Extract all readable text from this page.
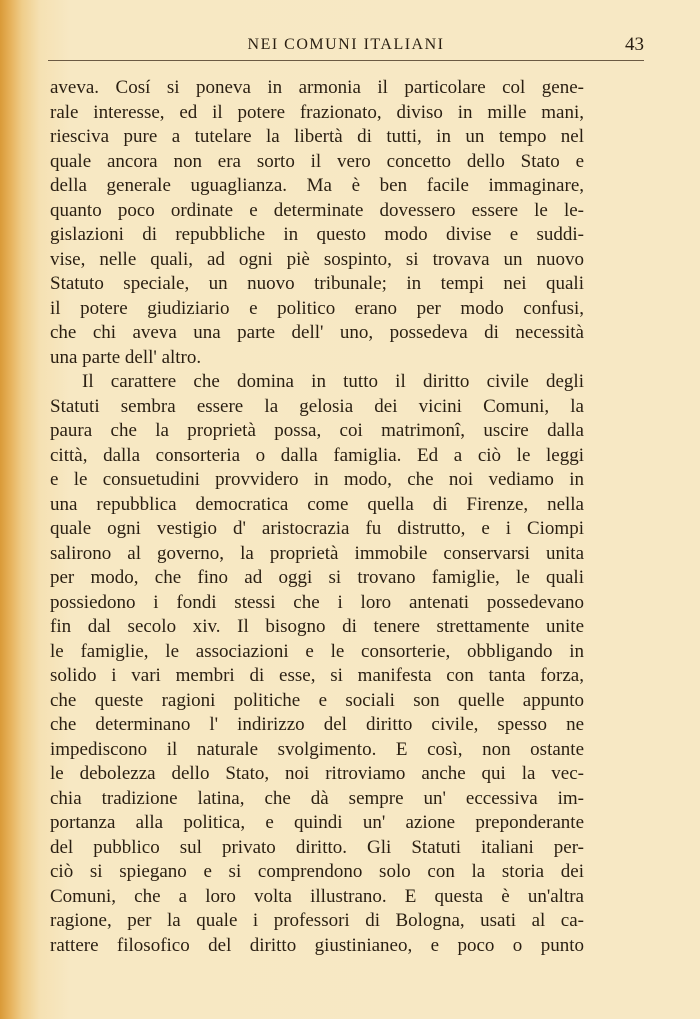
NEI COMUNI ITALIANI	43
aveva. Cosí si poneva in armonia il particolare col gene-
rale interesse, ed il potere frazionato, diviso in mille mani,
riesciva pure a tutelare la libertà di tutti, in un tempo nel
quale ancora non era sorto il vero concetto dello Stato e
della generale uguaglianza. Ma è ben facile immaginare,
quanto poco ordinate e determinate dovessero essere le le-
gislazioni di repubbliche in questo modo divise e suddi-
vise, nelle quali, ad ogni piè sospinto, si trovava un nuovo
Statuto speciale, un nuovo tribunale; in tempi nei quali
il potere giudiziario e politico erano per modo confusi,
che chi aveva una parte dell' uno, possedeva di necessità
una parte dell' altro.
Il carattere che domina in tutto il diritto civile degli
Statuti sembra essere la gelosia dei vicini Comuni, la
paura che la proprietà possa, coi matrimonî, uscire dalla
città, dalla consorteria o dalla famiglia. Ed a ciò le leggi
e le consuetudini provvidero in modo, che noi vediamo in
una repubblica democratica come quella di Firenze, nella
quale ogni vestigio d' aristocrazia fu distrutto, e i Ciompi
salirono al governo, la proprietà immobile conservarsi unita
per modo, che fino ad oggi si trovano famiglie, le quali
possiedono i fondi stessi che i loro antenati possedevano
fin dal secolo xiv. Il bisogno di tenere strettamente unite
le famiglie, le associazioni e le consorterie, obbligando in
solido i vari membri di esse, si manifesta con tanta forza,
che queste ragioni politiche e sociali son quelle appunto
che determinano l' indirizzo del diritto civile, spesso ne
impediscono il naturale svolgimento. E così, non ostante
le debolezza dello Stato, noi ritroviamo anche qui la vec-
chia tradizione latina, che dà sempre un' eccessiva im-
portanza alla politica, e quindi un' azione preponderante
del pubblico sul privato diritto. Gli Statuti italiani per-
ciò si spiegano e si comprendono solo con la storia dei
Comuni, che a loro volta illustrano. E questa è un'altra
ragione, per la quale i professori di Bologna, usati al ca-
rattere filosofico del diritto giustinianeo, e poco o punto
